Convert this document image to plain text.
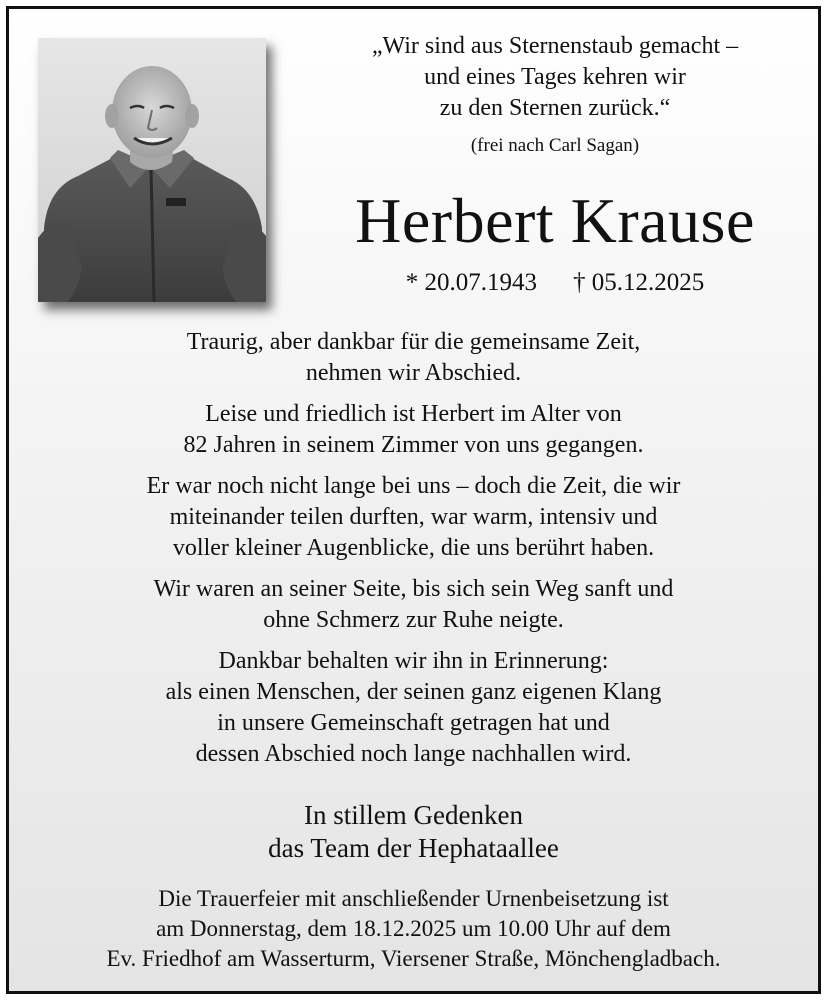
„Wir sind aus Sternenstaub gemacht –
und eines Tages kehren wir
zu den Sternen zurück.“
(frei nach Carl Sagan)
Herbert Krause
* 20.07.1943 † 05.12.2025
Traurig, aber dankbar für die gemeinsame Zeit,
nehmen wir Abschied.
Leise und friedlich ist Herbert im Alter von
82 Jahren in seinem Zimmer von uns gegangen.
Er war noch nicht lange bei uns – doch die Zeit, die wir
miteinander teilen durften, war warm, intensiv und
voller kleiner Augenblicke, die uns berührt haben.
Wir waren an seiner Seite, bis sich sein Weg sanft und
ohne Schmerz zur Ruhe neigte.
Dankbar behalten wir ihn in Erinnerung:
als einen Menschen, der seinen ganz eigenen Klang
in unsere Gemeinschaft getragen hat und
dessen Abschied noch lange nachhallen wird.
In stillem Gedenken
das Team der Hephataallee
Die Trauerfeier mit anschließender Urnenbeisetzung ist
am Donnerstag, dem 18.12.2025 um 10.00 Uhr auf dem
Ev. Friedhof am Wasserturm, Viersener Straße, Mönchengladbach.
